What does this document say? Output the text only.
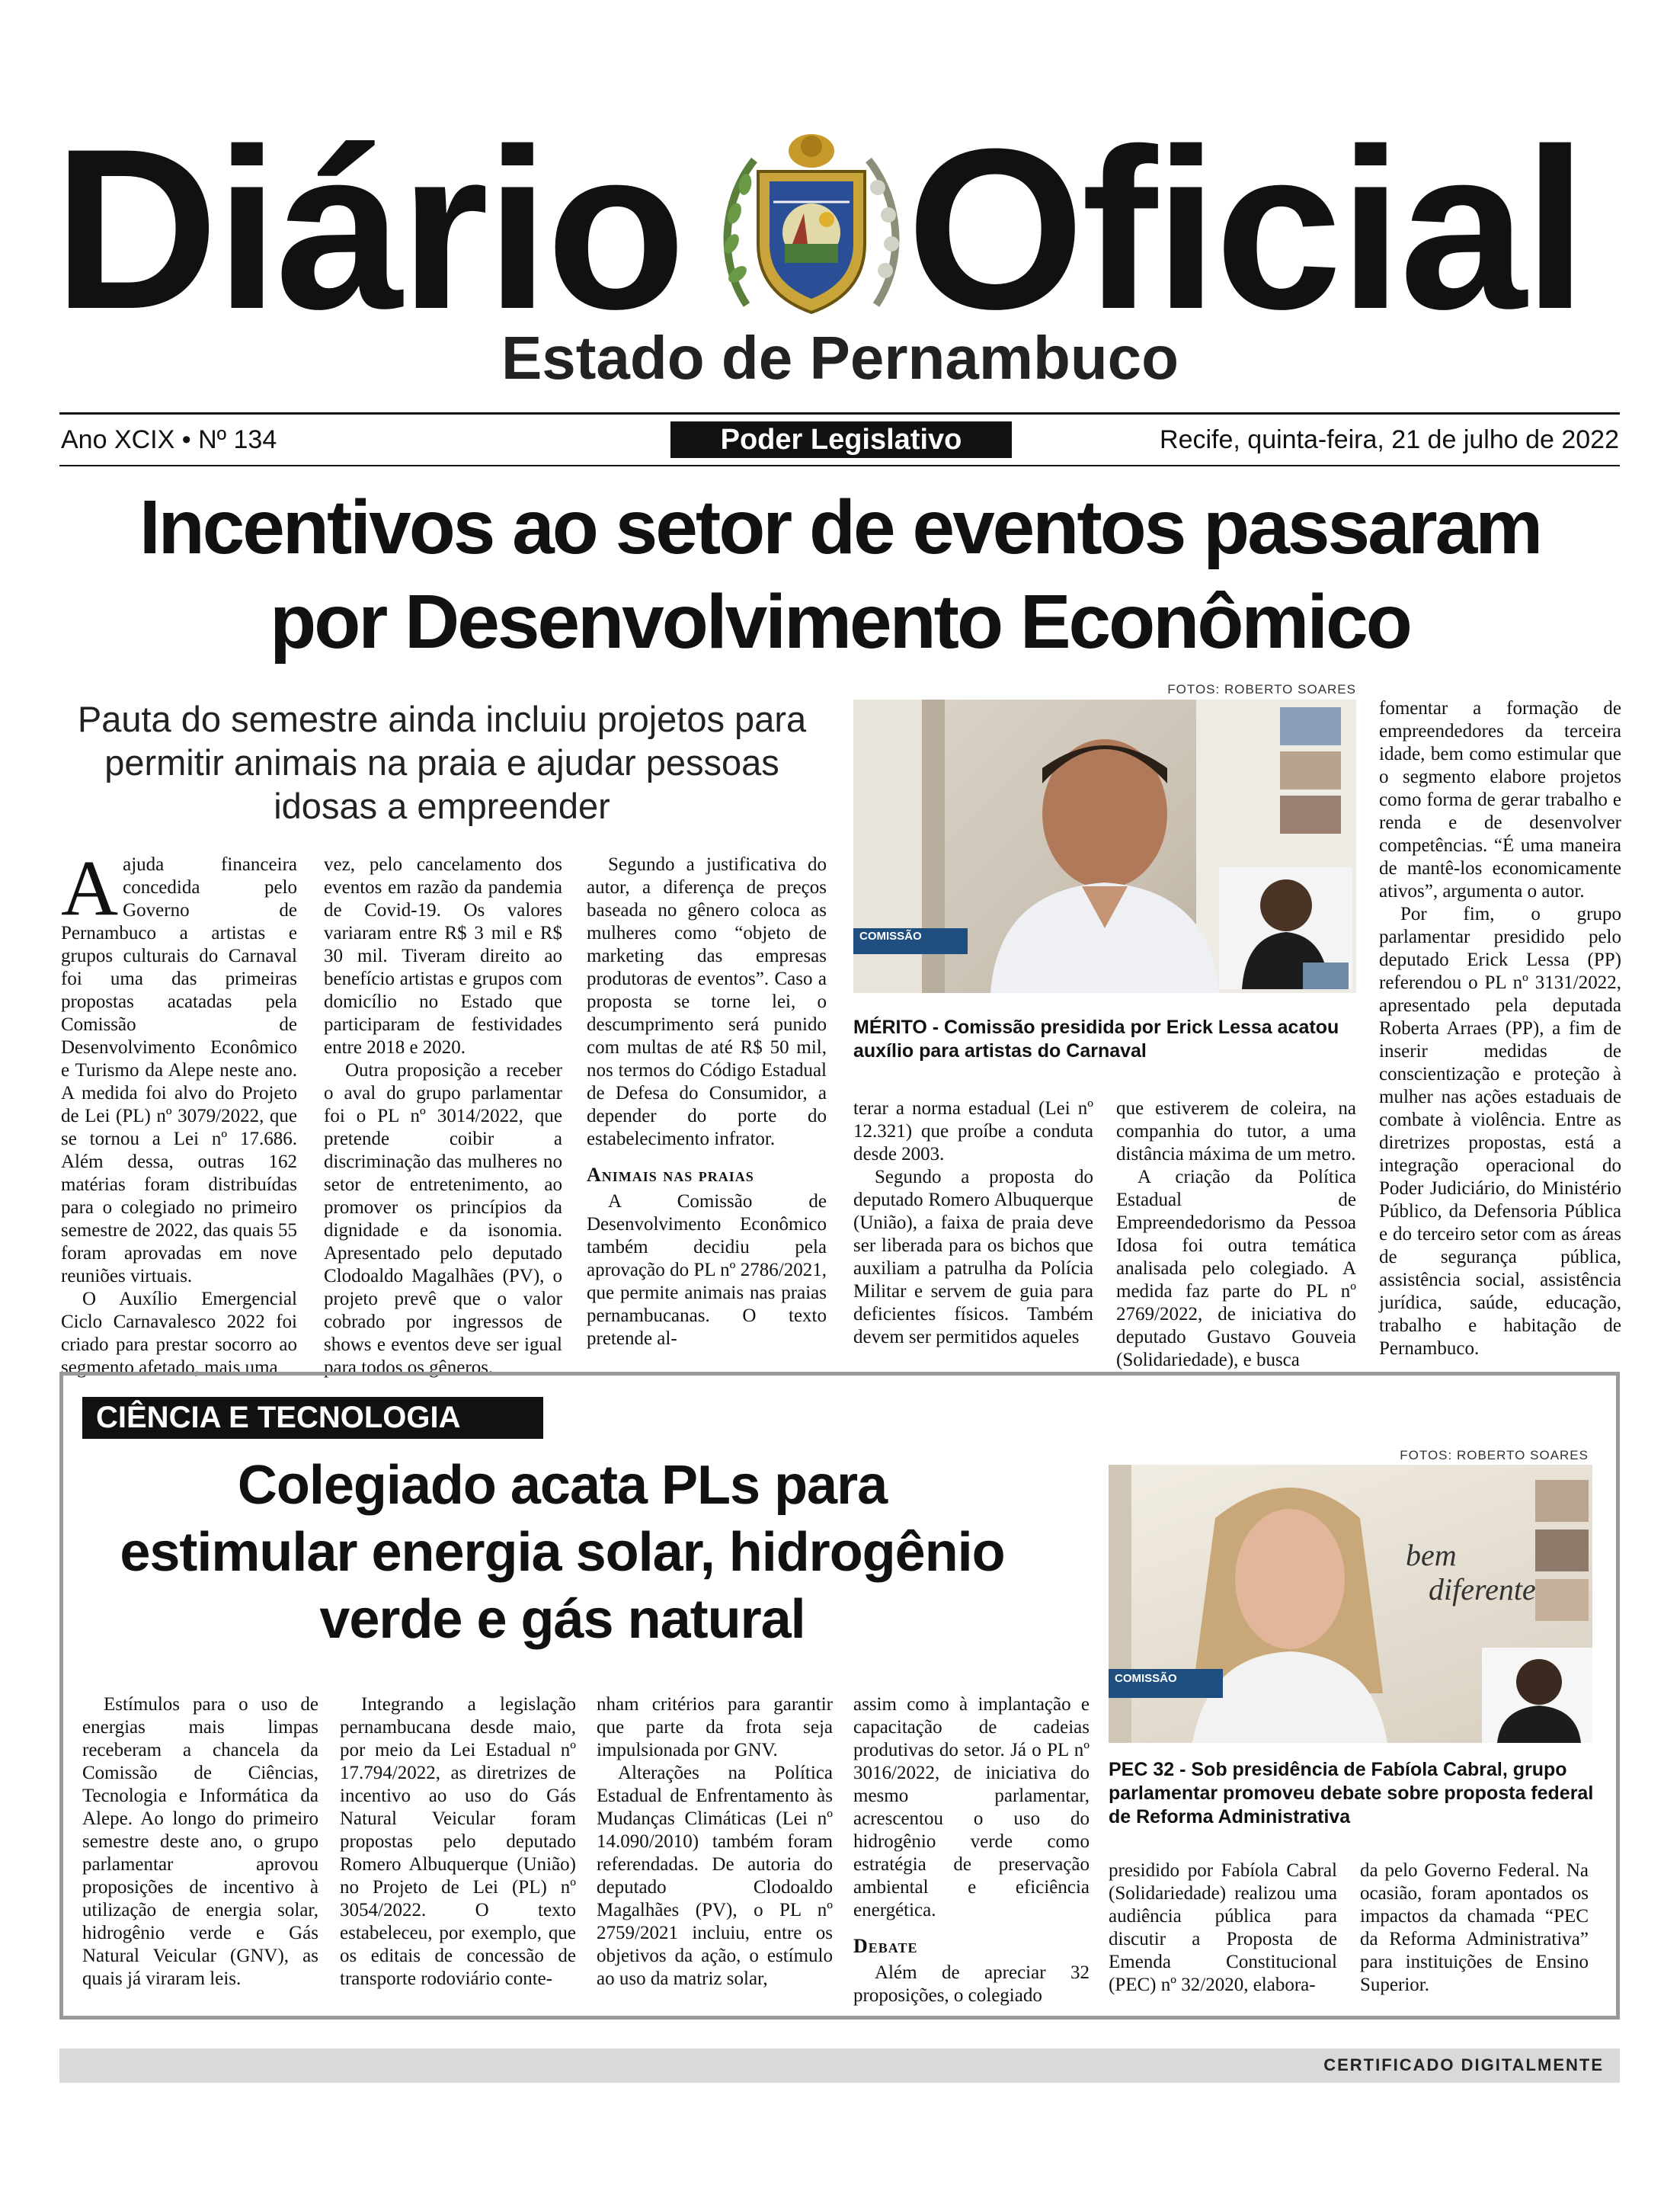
Diário Oficial
Estado de Pernambuco
Ano XCIX • Nº 134	Poder Legislativo	Recife, quinta-feira, 21 de julho de 2022
Incentivos ao setor de eventos passaram
por Desenvolvimento Econômico
Pauta do semestre ainda incluiu projetos para permitir animais na praia e ajudar pessoas idosas a empreender

Aajuda financeira concedida pelo Governo de Pernambuco a artistas e grupos culturais do Carnaval foi uma das primeiras propostas acatadas pela Comissão de Desenvolvimento Econômico e Turismo da Alepe neste ano. A medida foi alvo do Projeto de Lei (PL) nº 3079/2022, que se tornou a Lei nº 17.686. Além dessa, outras 162 matérias foram distribuídas para o colegiado no primeiro semestre de 2022, das quais 55 foram aprovadas em nove reuniões virtuais.

O Auxílio Emergencial Ciclo Carnavalesco 2022 foi criado para prestar socorro ao segmento afetado, mais uma

vez, pelo cancelamento dos eventos em razão da pandemia de Covid-19. Os valores variaram entre R$ 3 mil e R$ 30 mil. Tiveram direito ao benefício artistas e grupos com domicílio no Estado que participaram de festividades entre 2018 e 2020.

Outra proposição a receber o aval do grupo parlamentar foi o PL nº 3014/2022, que pretende coibir a discriminação das mulheres no setor de entretenimento, ao promover os princípios da dignidade e da isonomia. Apresentado pelo deputado Clodoaldo Magalhães (PV), o projeto prevê que o valor cobrado por ingressos de shows e eventos deve ser igual para todos os gêneros.

Segundo a justificativa do autor, a diferença de preços baseada no gênero coloca as mulheres como “objeto de marketing das empresas produtoras de eventos”. Caso a proposta se torne lei, o descumprimento será punido com multas de até R$ 50 mil, nos termos do Código Estadual de Defesa do Consumidor, a depender do porte do estabelecimento infrator.

Animais nas praias

A Comissão de Desenvolvimento Econômico também decidiu pela aprovação do PL nº 2786/2021, que permite animais nas praias pernambucanas. O texto pretende al-

FOTOS: ROBERTO SOARES
COMISSÃO
MÉRITO - Comissão presidida por Erick Lessa acatou auxílio para artistas do Carnaval

terar a norma estadual (Lei nº 12.321) que proíbe a conduta desde 2003.

Segundo a proposta do deputado Romero Albuquerque (União), a faixa de praia deve ser liberada para os bichos que auxiliam a patrulha da Polícia Militar e servem de guia para deficientes físicos. Também devem ser permitidos aqueles

que estiverem de coleira, na companhia do tutor, a uma distância máxima de um metro.

A criação da Política Estadual de Empreendedorismo da Pessoa Idosa foi outra temática analisada pelo colegiado. A medida faz parte do PL nº 2769/2022, de iniciativa do deputado Gustavo Gouveia (Solidariedade), e busca

fomentar a formação de empreendedores da terceira idade, bem como estimular que o segmento elabore projetos como forma de gerar trabalho e renda e de desenvolver competências. “É uma maneira de mantê-los economicamente ativos”, argumenta o autor.

Por fim, o grupo parlamentar presidido pelo deputado Erick Lessa (PP) referendou o PL nº 3131/2022, apresentado pela deputada Roberta Arraes (PP), a fim de inserir medidas de conscientização e proteção à mulher nas ações estaduais de combate à violência. Entre as diretrizes propostas, está a integração operacional do Poder Judiciário, do Ministério Público, da Defensoria Pública e do terceiro setor com as áreas de segurança pública, assistência social, assistência jurídica, saúde, educação, trabalho e habitação de Pernambuco.

CIÊNCIA E TECNOLOGIA
Colegiado acata PLs para
estimular energia solar, hidrogênio
verde e gás natural
FOTOS: ROBERTO SOARES
bem
diferente
COMISSÃO
PEC 32 - Sob presidência de Fabíola Cabral, grupo parlamentar promoveu debate sobre proposta federal de Reforma Administrativa

Estímulos para o uso de energias mais limpas receberam a chancela da Comissão de Ciências, Tecnologia e Informática da Alepe. Ao longo do primeiro semestre deste ano, o grupo parlamentar aprovou proposições de incentivo à utilização de energia solar, hidrogênio verde e Gás Natural Veicular (GNV), as quais já viraram leis.

Integrando a legislação pernambucana desde maio, por meio da Lei Estadual nº 17.794/2022, as diretrizes de incentivo ao uso do Gás Natural Veicular foram propostas pelo deputado Romero Albuquerque (União) no Projeto de Lei (PL) nº 3054/2022. O texto estabeleceu, por exemplo, que os editais de concessão de transporte rodoviário conte-

nham critérios para garantir que parte da frota seja impulsionada por GNV.

Alterações na Política Estadual de Enfrentamento às Mudanças Climáticas (Lei nº 14.090/2010) também foram referendadas. De autoria do deputado Clodoaldo Magalhães (PV), o PL nº 2759/2021 incluiu, entre os objetivos da ação, o estímulo ao uso da matriz solar,

assim como à implantação e capacitação de cadeias produtivas do setor. Já o PL nº 3016/2022, de iniciativa do mesmo parlamentar, acrescentou o uso do hidrogênio verde como estratégia de preservação ambiental e eficiência energética.

Debate

Além de apreciar 32 proposições, o colegiado

presidido por Fabíola Cabral (Solidariedade) realizou uma audiência pública para discutir a Proposta de Emenda Constitucional (PEC) nº 32/2020, elabora-

da pelo Governo Federal. Na ocasião, foram apontados os impactos da chamada “PEC da Reforma Administrativa” para instituições de Ensino Superior.

CERTIFICADO DIGITALMENTE
